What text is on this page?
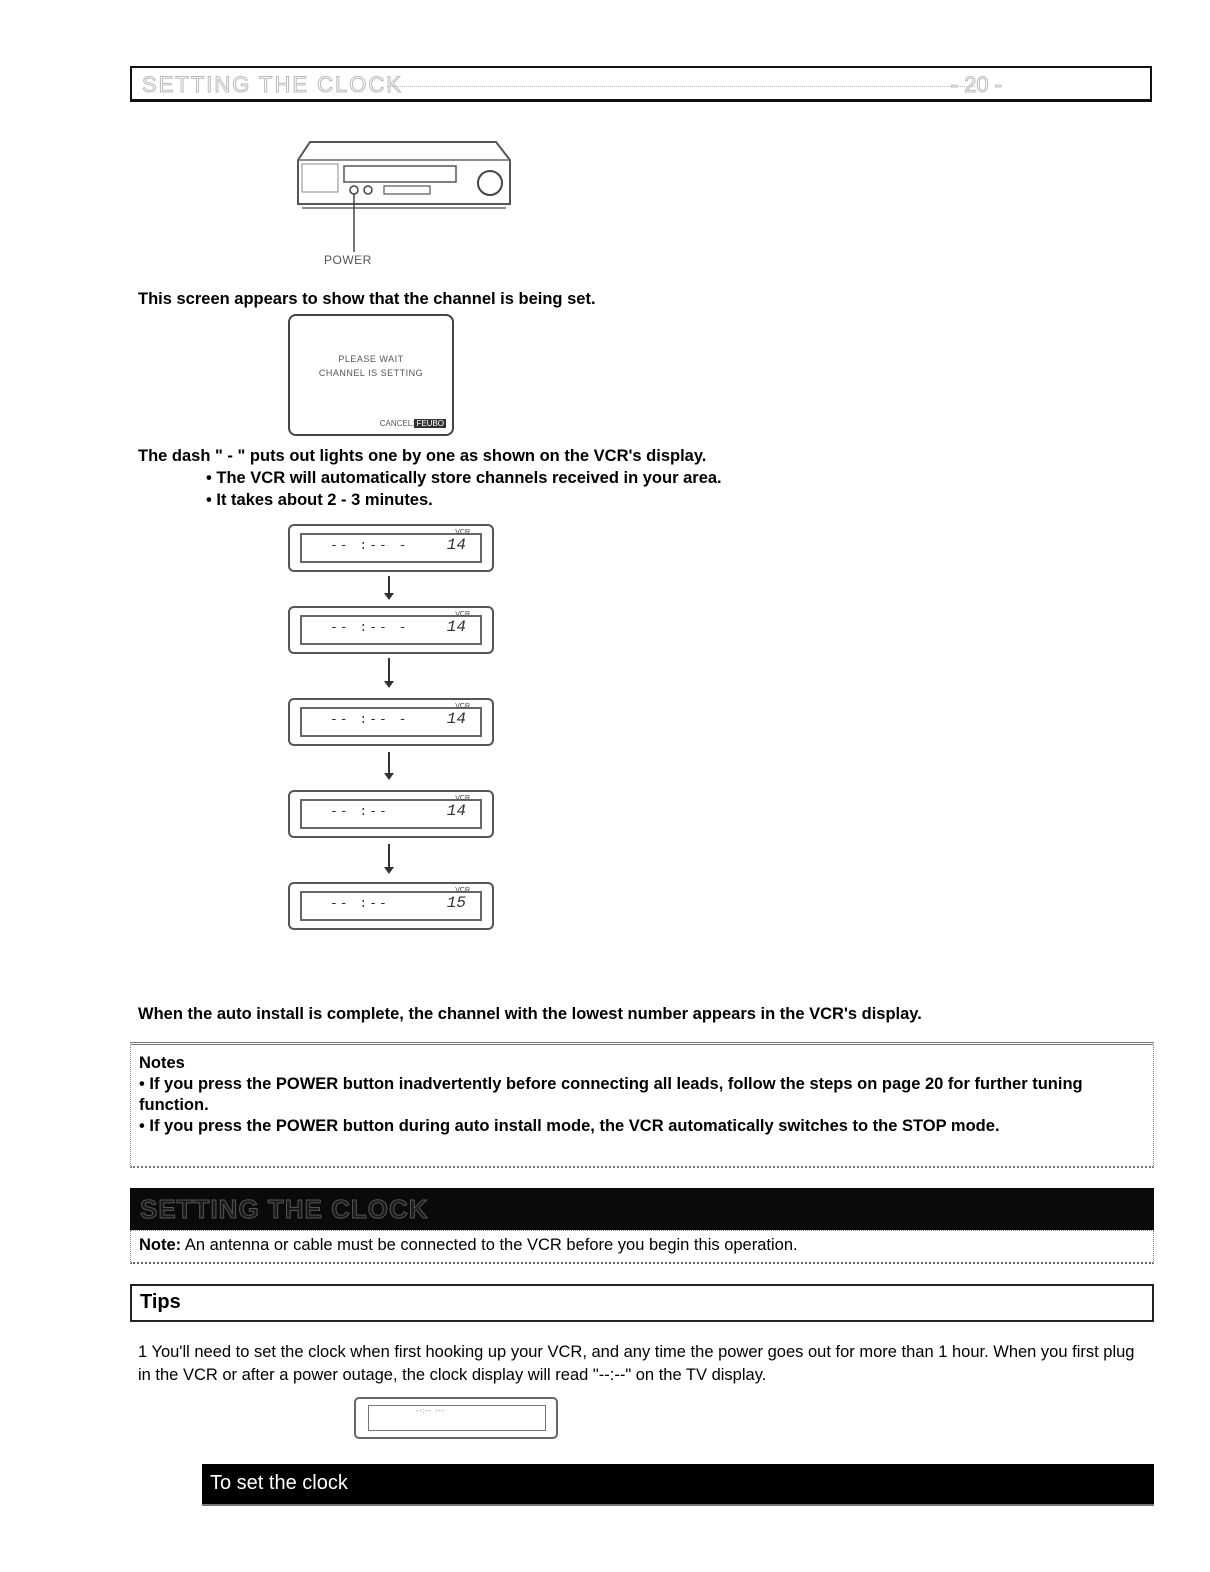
SETTING THE CLOCK	- 20 -
POWER
This screen appears to show that the channel is being set.
PLEASE WAIT
CHANNEL IS SETTING
CANCEL: FEUBO
The dash " - " puts out lights one by one as shown on the VCR's display.
• The VCR will automatically store channels received in your area.
• It takes about 2 - 3 minutes.
-- :-- -
VCR
14
-- :-- -
VCR
14
-- :-- -
VCR
14
-- :--
VCR
14
-- :--
VCR
15
When the auto install is complete, the channel with the lowest number appears in the VCR's display.

Notes

• If you press the POWER button inadvertently before connecting all leads, follow the steps on page 20 for further tuning function.

• If you press the POWER button during auto install mode, the VCR automatically switches to the STOP mode.

SETTING THE CLOCK
Note: An antenna or cable must be connected to the VCR before you begin this operation.
Tips
1 You'll need to set the clock when first hooking up your VCR, and any time the power goes out for more than 1 hour. When you first plug in the VCR or after a power outage, the clock display will read "--:--" on the TV display.
--:-- ---
To set the clock
